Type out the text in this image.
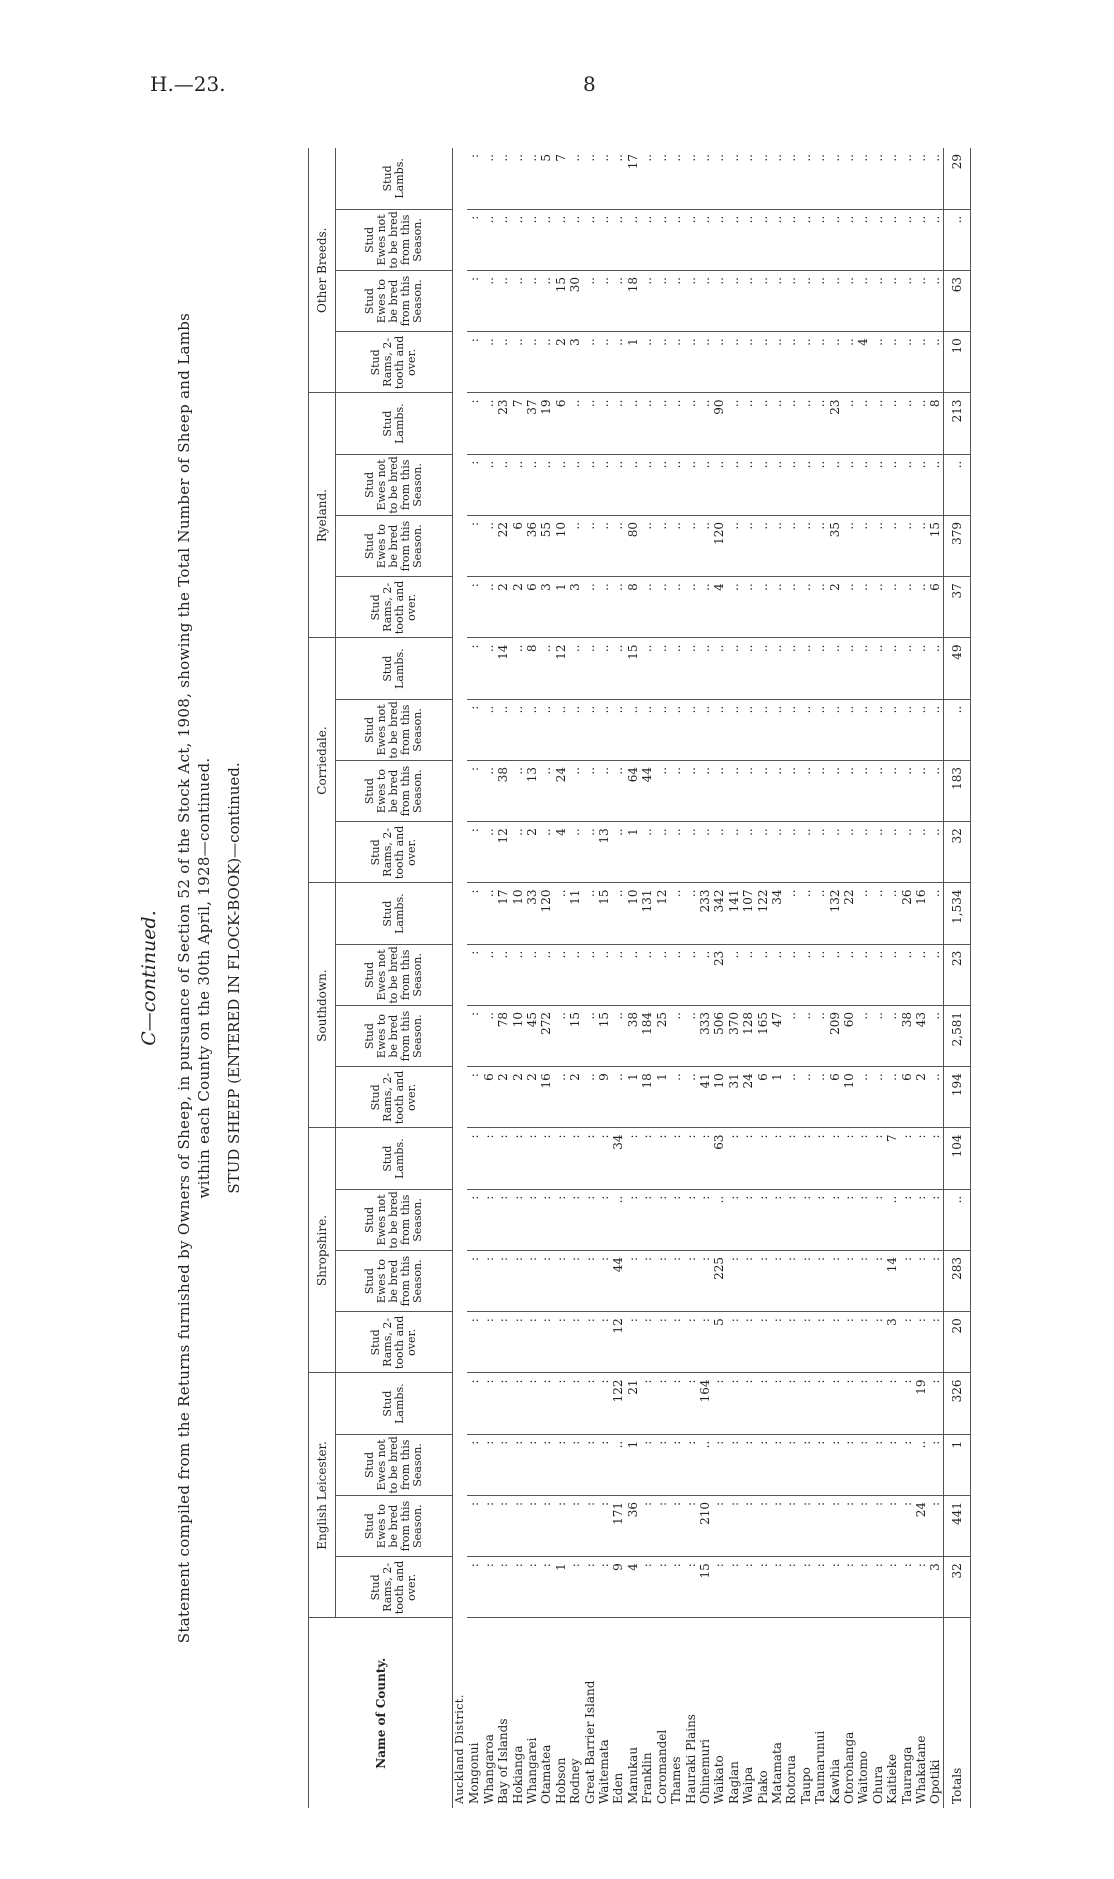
H.—23.	8
C—continued. Statement compiled from the Returns furnished by Owners of Sheep, in pursuance of Section 52 of the Stock Act, 1908, showing the Total Number of Sheep and Lambs within each County on the 30th April, 1928—continued. STUD SHEEP (ENTERED IN FLOCK-BOOK)—continued.
Name of County.	English Leicester.				Shropshire.				Southdown.				Corriedale.				Ryeland.				Other Breeds.			
	Stud Rams, 2-tooth and over.	Stud Ewes to be bred from this Season.	Stud Ewes not to be bred from this Season.	Stud Lambs.	Stud Rams, 2-tooth and over.	Stud Ewes to be bred from this Season.	Stud Ewes not to be bred from this Season.	Stud Lambs.	Stud Rams, 2-tooth and over.	Stud Ewes to be bred from this Season.	Stud Ewes not to be bred from this Season.	Stud Lambs.	Stud Rams, 2-tooth and over.	Stud Ewes to be bred from this Season.	Stud Ewes not to be bred from this Season.	Stud Lambs.	Stud Rams, 2-tooth and over.	Stud Ewes to be bred from this Season.	Stud Ewes not to be bred from this Season.	Stud Lambs.	Stud Rams, 2-tooth and over.	Stud Ewes to be bred from this Season.	Stud Ewes not to be bred from this Season.	Stud Lambs.
Auckland District.																								
Mongonui	:	:	:	:	:	:	:	:	:	:	:	:	:	:	:	:	:	:	:	:	:	:	:	:
Whangaroa	:	:	:	:	:	:	:	:	6	..	..	..	..	..	..	..	..	..	..	..	..	..	..	..
Bay of Islands	:	:	:	:	:	:	:	:	2	78	..	17	12	38	..	14	2	22	..	23	..	..	..	..
Hokianga	:	:	:	:	:	:	:	:	2	10	..	10	..	..	..	..	2	6	..	7	..	..	..	..
Whangarei	:	:	:	:	:	:	:	:	2	45	..	33	2	13	..	8	6	36	..	37	..	..	..	..
Otamatea	:	:	:	:	:	:	:	:	16	272	..	120	..	..	..	..	3	55	..	19	..	..	..	5
Hobson	1	:	:	:	:	:	:	:	..	..	..	..	4	24	..	12	1	10	..	6	2	15	..	7
Rodney	:	:	:	:	:	:	:	:	2	15	..	11	..	..	..	..	3	..	..	..	3	30	..	..
Great Barrier Island	:	:	:	:	:	:	:	:	..	..	..	..	..	..	..	..	..	..	..	..	..	..	..	..
Waitemata	:	:	:	:	:	:	:	:	9	15	..	15	13	..	..	..	..	..	..	..	..	..	..	..
Eden	9	171	..	122	12	44	..	34	..	..	..	..	..	..	..	..	..	..	..	..	..	..	..	..
Manukau	4	36	1	21	:	:	:	:	1	38	..	10	1	64	..	15	8	80	..	..	1	18	..	17
Franklin	:	:	:	:	:	:	:	:	18	184	..	131	..	44	..	..	..	..	..	..	..	..	..	..
Coromandel	:	:	:	:	:	:	:	:	1	25	..	12	..	..	..	..	..	..	..	..	..	..	..	..
Thames	:	:	:	:	:	:	:	:	..	..	..	..	..	..	..	..	..	..	..	..	..	..	..	..
Hauraki Plains	:	:	:	:	:	:	:	:	..	..	..	..	..	..	..	..	..	..	..	..	..	..	..	..
Ohinemuri	15	210	..	164	:	:	:	:	41	333	..	233	..	..	..	..	..	..	..	..	..	..	..	..
Waikato	:	:	:	:	5	225	..	63	10	506	23	342	..	..	..	..	4	120	..	90	..	..	..	..
Raglan	:	:	:	:	:	:	:	:	31	370	..	141	..	..	..	..	..	..	..	..	..	..	..	..
Waipa	:	:	:	:	:	:	:	:	24	128	..	107	..	..	..	..	..	..	..	..	..	..	..	..
Piako	:	:	:	:	:	:	:	:	6	165	..	122	..	..	..	..	..	..	..	..	..	..	..	..
Matamata	:	:	:	:	:	:	:	:	1	47	..	34	..	..	..	..	..	..	..	..	..	..	..	..
Rotorua	:	:	:	:	:	:	:	:	..	..	..	..	..	..	..	..	..	..	..	..	..	..	..	..
Taupo	:	:	:	:	:	:	:	:	..	..	..	..	..	..	..	..	..	..	..	..	..	..	..	..
Taumarunui	:	:	:	:	:	:	:	:	..	..	..	..	..	..	..	..	..	..	..	..	..	..	..	..
Kawhia	:	:	:	:	:	:	:	:	6	209	..	132	..	..	..	..	2	35	..	23	..	..	..	..
Otorohanga	:	:	:	:	:	:	:	:	10	60	..	22	..	..	..	..	..	..	..	..	..	..	..	..
Waitomo	:	:	:	:	:	:	:	:	..	..	..	..	..	..	..	..	..	..	..	..	4	..	..	..
Ohura	:	:	:	:	:	:	:	:	..	..	..	..	..	..	..	..	..	..	..	..	..	..	..	..
Kaitieke	:	:	:	:	3	14	..	7	..	..	..	..	..	..	..	..	..	..	..	..	..	..	..	..
Tauranga	:	:	:	:	:	:	:	:	6	38	..	26	..	..	..	..	..	..	..	..	..	..	..	..
Whakatane	:	24	..	19	:	:	:	:	2	43	..	16	..	..	..	..	..	..	..	..	..	..	..	..
Opotiki	3	:	:	:	:	:	:	:	..	..	..	..	..	..	..	..	6	15	..	8	..	..	..	..
Totals	32	441	1	326	20	283	..	104	194	2,581	23	1,534	32	183	..	49	37	379	..	213	10	63	..	29
